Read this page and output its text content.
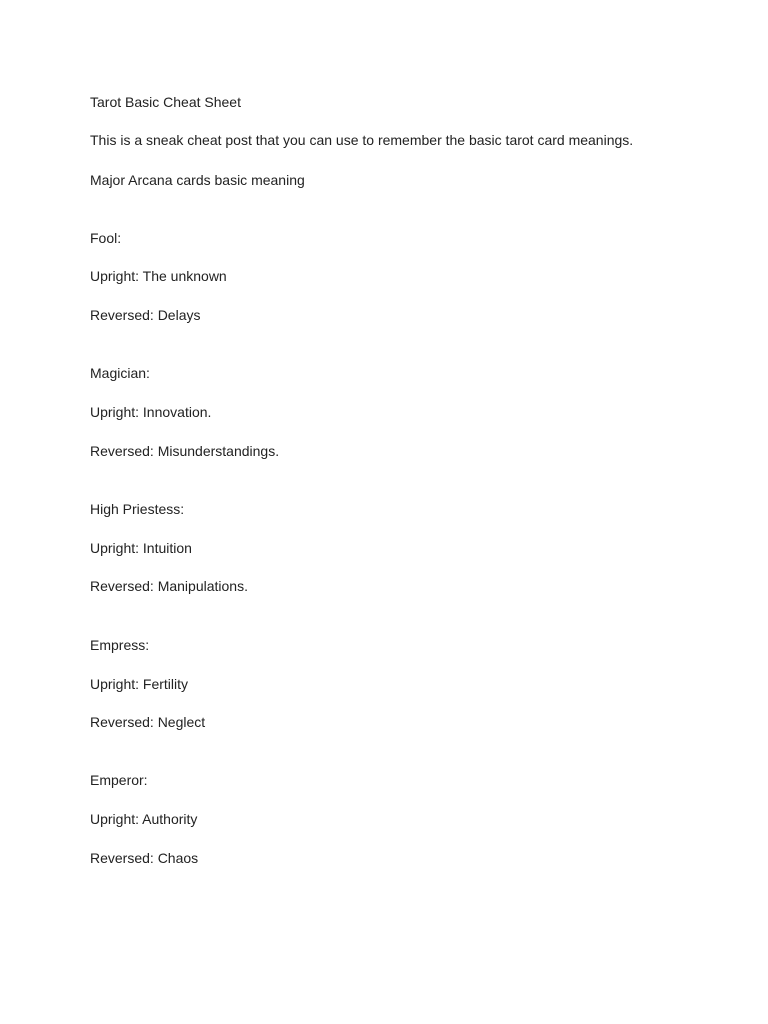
Tarot Basic Cheat Sheet
This is a sneak cheat post that you can use to remember the basic tarot card meanings.
Major Arcana cards basic meaning
Fool:
Upright: The unknown
Reversed: Delays
Magician:
Upright: Innovation.
Reversed: Misunderstandings.
High Priestess:
Upright: Intuition
Reversed: Manipulations.
Empress:
Upright: Fertility
Reversed: Neglect
Emperor:
Upright: Authority
Reversed: Chaos
